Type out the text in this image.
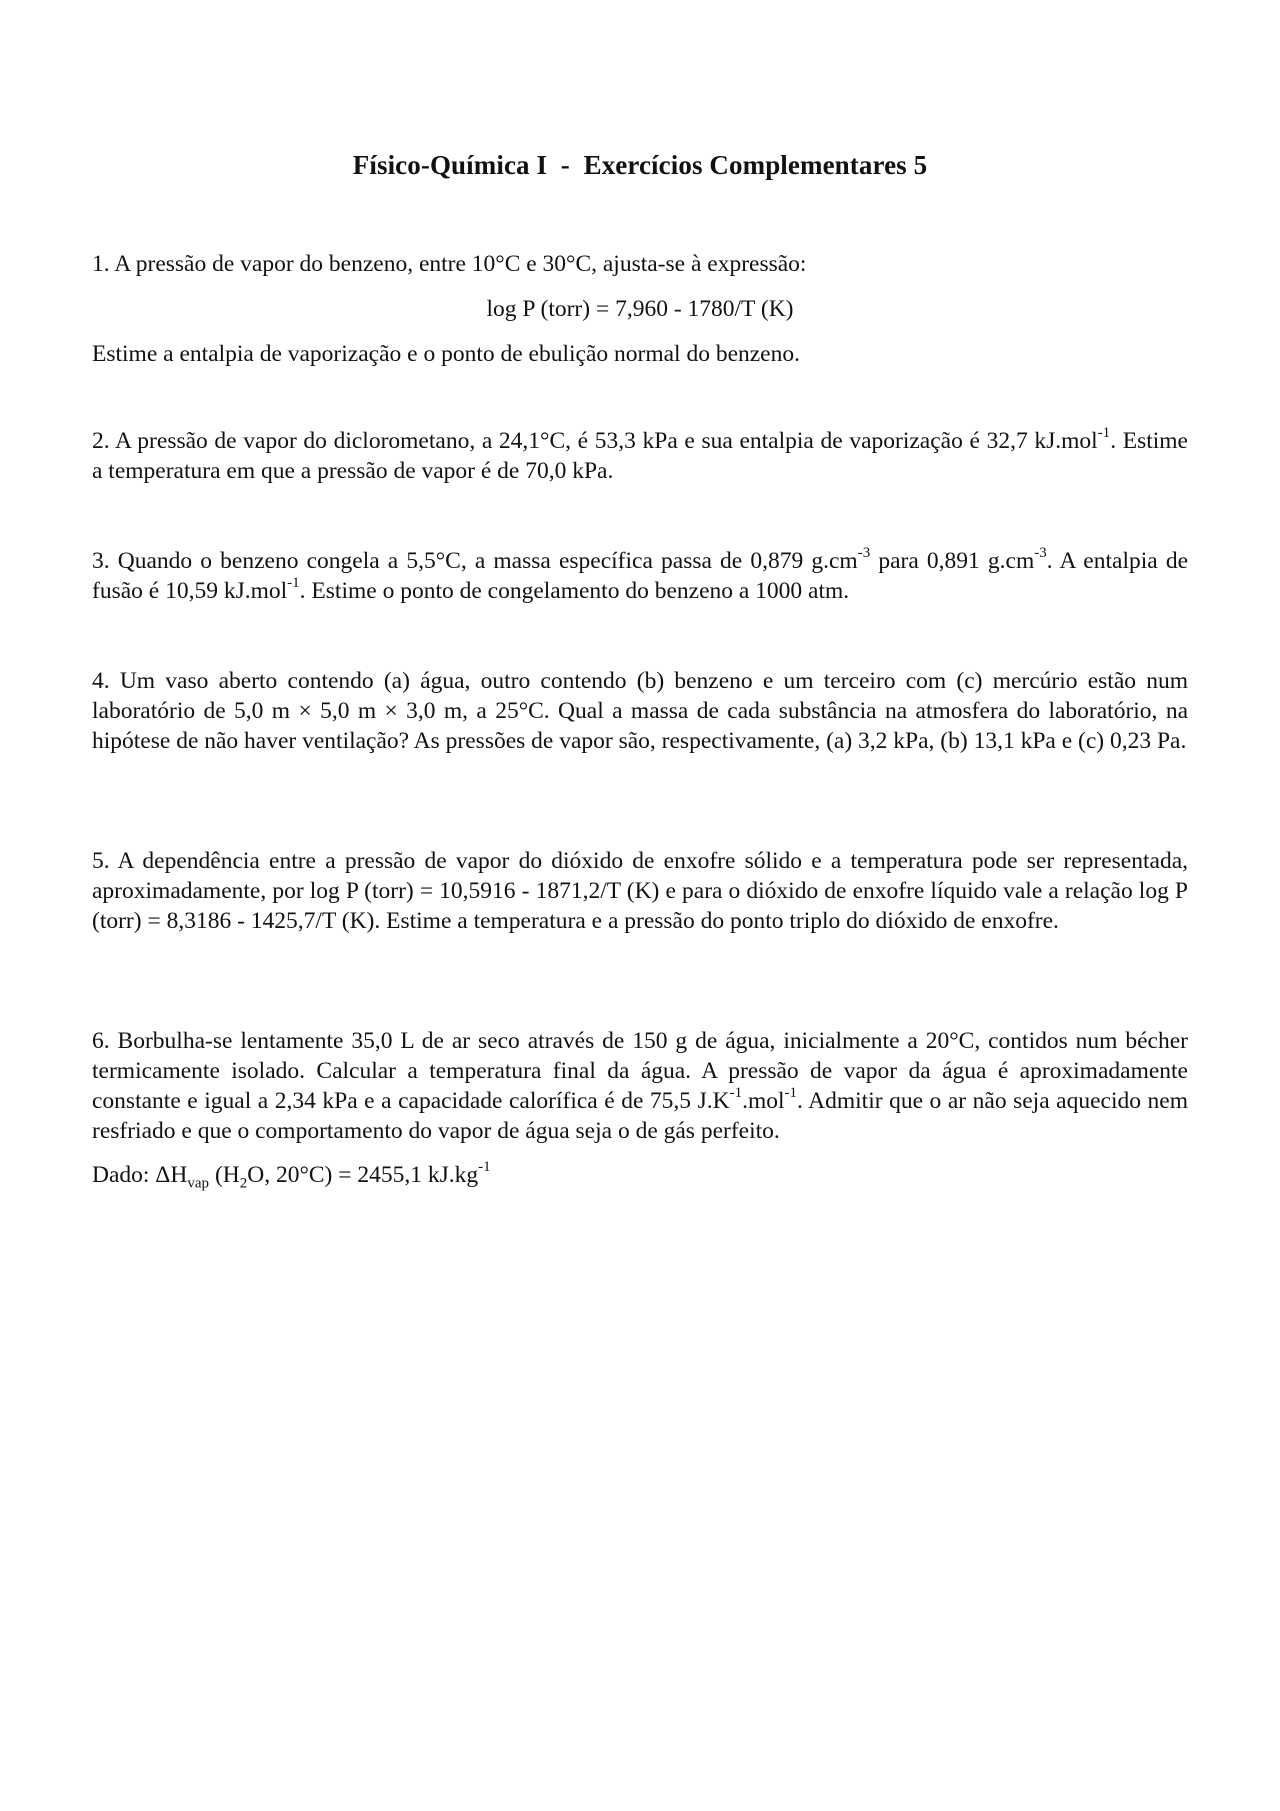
Físico-Química I  -  Exercícios Complementares 5

1. A pressão de vapor do benzeno, entre 10°C e 30°C, ajusta-se à expressão:

log P (torr) = 7,960 - 1780/T (K)

Estime a entalpia de vaporização e o ponto de ebulição normal do benzeno.

2. A pressão de vapor do diclorometano, a 24,1°C, é 53,3 kPa e sua entalpia de vaporização é 32,7 kJ.mol$^{-1}$. Estime a temperatura em que a pressão de vapor é de 70,0 kPa.

3. Quando o benzeno congela a 5,5°C, a massa específica passa de 0,879 $g.cm^{-3}$ para 0,891 $g.cm^{-3}$. A entalpia de fusão é 10,59 kJ.mol$^{-1}$. Estime o ponto de congelamento do benzeno a 1000 atm.

4. Um vaso aberto contendo (a) água, outro contendo (b) benzeno e um terceiro com (c) mercúrio estão num laboratório de 5,0 m × 5,0 m × 3,0 m, a 25°C. Qual a massa de cada substância na atmosfera do laboratório, na hipótese de não haver ventilação? As pressões de vapor são, respectivamente, (a) 3,2 kPa, (b) 13,1 kPa e (c) 0,23 Pa.

5. A dependência entre a pressão de vapor do dióxido de enxofre sólido e a temperatura pode ser representada, aproximadamente, por log P (torr) = 10,5916 - 1871,2/T (K) e para o dióxido de enxofre líquido vale a relação log P (torr) = 8,3186 - 1425,7/T (K). Estime a temperatura e a pressão do ponto triplo do dióxido de enxofre.

6. Borbulha-se lentamente 35,0 L de ar seco através de 150 g de água, inicialmente a 20°C, contidos num bécher termicamente isolado. Calcular a temperatura final da água. A pressão de vapor da água é aproximadamente constante e igual a 2,34 kPa e a capacidade calorífica é de 75,5 $J.K^{-1}.mol^{-1}$. Admitir que o ar não seja aquecido nem resfriado e que o comportamento do vapor de água seja o de gás perfeito.

Dado: $\Delta H_{vap}$ ($H_2O$, 20°C) = 2455,1 $kJ.kg^{-1}$
